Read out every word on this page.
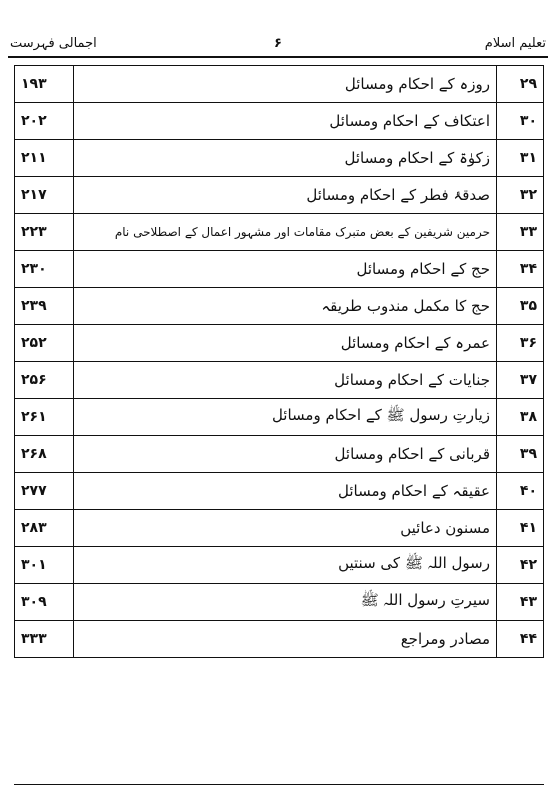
تعلیم اسلام
۶
اجمالی فہرست
۲۹	روزہ کے احکام ومسائل	۱۹۳
۳۰	اعتکاف کے احکام ومسائل	۲۰۲
۳۱	زکوٰۃ کے احکام ومسائل	۲۱۱
۳۲	صدقۂ فطر کے احکام ومسائل	۲۱۷
۳۳	حرمین شریفین کے بعض متبرک مقامات اور مشہور اعمال کے اصطلاحی نام	۲۲۳
۳۴	حج کے احکام ومسائل	۲۳۰
۳۵	حج کا مکمل مندوب طریقہ	۲۳۹
۳۶	عمرہ کے احکام ومسائل	۲۵۲
۳۷	جنایات کے احکام ومسائل	۲۵۶
۳۸	زیارتِ رسول ﷺ کے احکام ومسائل	۲۶۱
۳۹	قربانی کے احکام ومسائل	۲۶۸
۴۰	عقیقہ کے احکام ومسائل	۲۷۷
۴۱	مسنون دعائیں	۲۸۳
۴۲	رسول اللہ ﷺ کی سنتیں	۳۰۱
۴۳	سیرتِ رسول اللہ ﷺ	۳۰۹
۴۴	مصادر ومراجع	۳۳۳
